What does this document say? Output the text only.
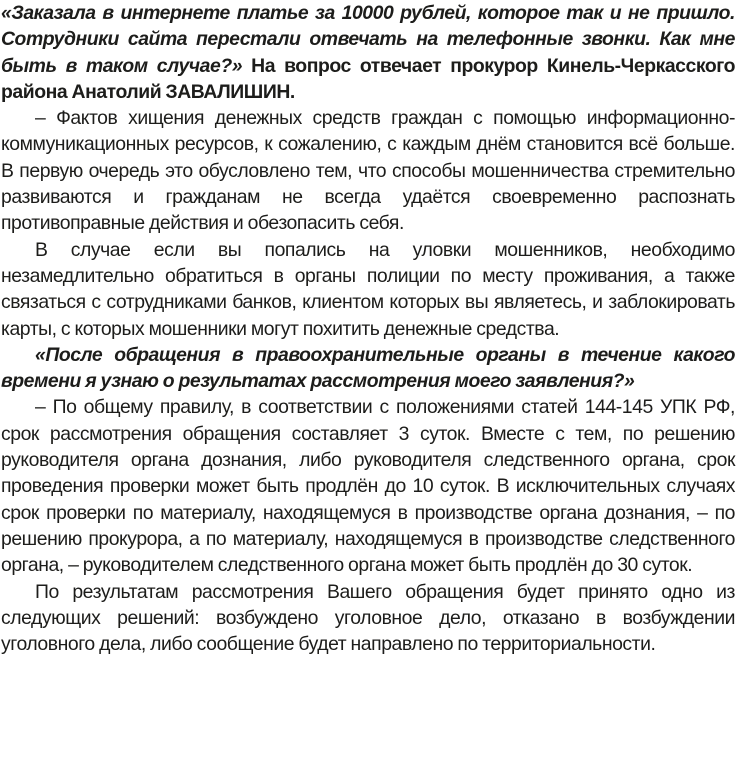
«Заказала в интернете платье за 10000 рублей, которое так и не пришло. Сотрудники сайта перестали отвечать на телефонные звонки. Как мне быть в таком случае?» На вопрос отвечает прокурор Кинель-Черкасского района Анатолий ЗАВАЛИШИН.

– Фактов хищения денежных средств граждан с помощью информационно-коммуникационных ресурсов, к сожалению, с каждым днём становится всё больше. В первую очередь это обусловлено тем, что способы мошенничества стремительно развиваются и гражданам не всегда удаётся своевременно распознать противоправные действия и обезопасить себя.

В случае если вы попались на уловки мошенников, необходимо незамедлительно обратиться в органы полиции по месту проживания, а также связаться с сотрудниками банков, клиентом которых вы являетесь, и заблокировать карты, с которых мошенники могут похитить денежные средства.

«После обращения в правоохранительные органы в течение какого времени я узнаю о результатах рассмотрения моего заявления?»

– По общему правилу, в соответствии с положениями статей 144-145 УПК РФ, срок рассмотрения обращения составляет 3 суток. Вместе с тем, по решению руководителя органа дознания, либо руководителя следственного органа, срок проведения проверки может быть продлён до 10 суток. В исключительных случаях срок проверки по материалу, находящемуся в производстве органа дознания, – по решению прокурора, а по материалу, находящемуся в производстве следственного органа, – руководителем следственного органа может быть продлён до 30 суток.

По результатам рассмотрения Вашего обращения будет принято одно из следующих решений: возбуждено уголовное дело, отказано в возбуждении уголовного дела, либо сообщение будет направлено по территориальности.
